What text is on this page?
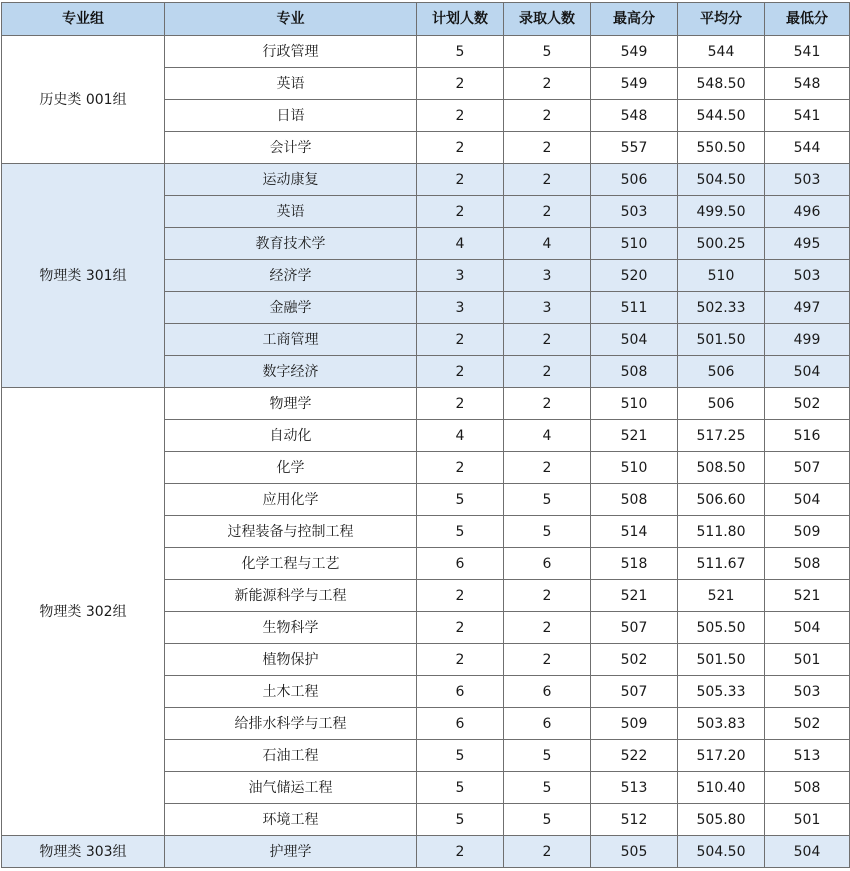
专业组	专业	计划人数	录取人数	最高分	平均分	最低分
历史类 001组	行政管理	5	5	549	544	541
	英语	2	2	549	548.50	548
	日语	2	2	548	544.50	541
	会计学	2	2	557	550.50	544
物理类 301组	运动康复	2	2	506	504.50	503
	英语	2	2	503	499.50	496
	教育技术学	4	4	510	500.25	495
	经济学	3	3	520	510	503
	金融学	3	3	511	502.33	497
	工商管理	2	2	504	501.50	499
	数字经济	2	2	508	506	504
物理类 302组	物理学	2	2	510	506	502
	自动化	4	4	521	517.25	516
	化学	2	2	510	508.50	507
	应用化学	5	5	508	506.60	504
	过程装备与控制工程	5	5	514	511.80	509
	化学工程与工艺	6	6	518	511.67	508
	新能源科学与工程	2	2	521	521	521
	生物科学	2	2	507	505.50	504
	植物保护	2	2	502	501.50	501
	土木工程	6	6	507	505.33	503
	给排水科学与工程	6	6	509	503.83	502
	石油工程	5	5	522	517.20	513
	油气储运工程	5	5	513	510.40	508
	环境工程	5	5	512	505.80	501
物理类 303组	护理学	2	2	505	504.50	504
